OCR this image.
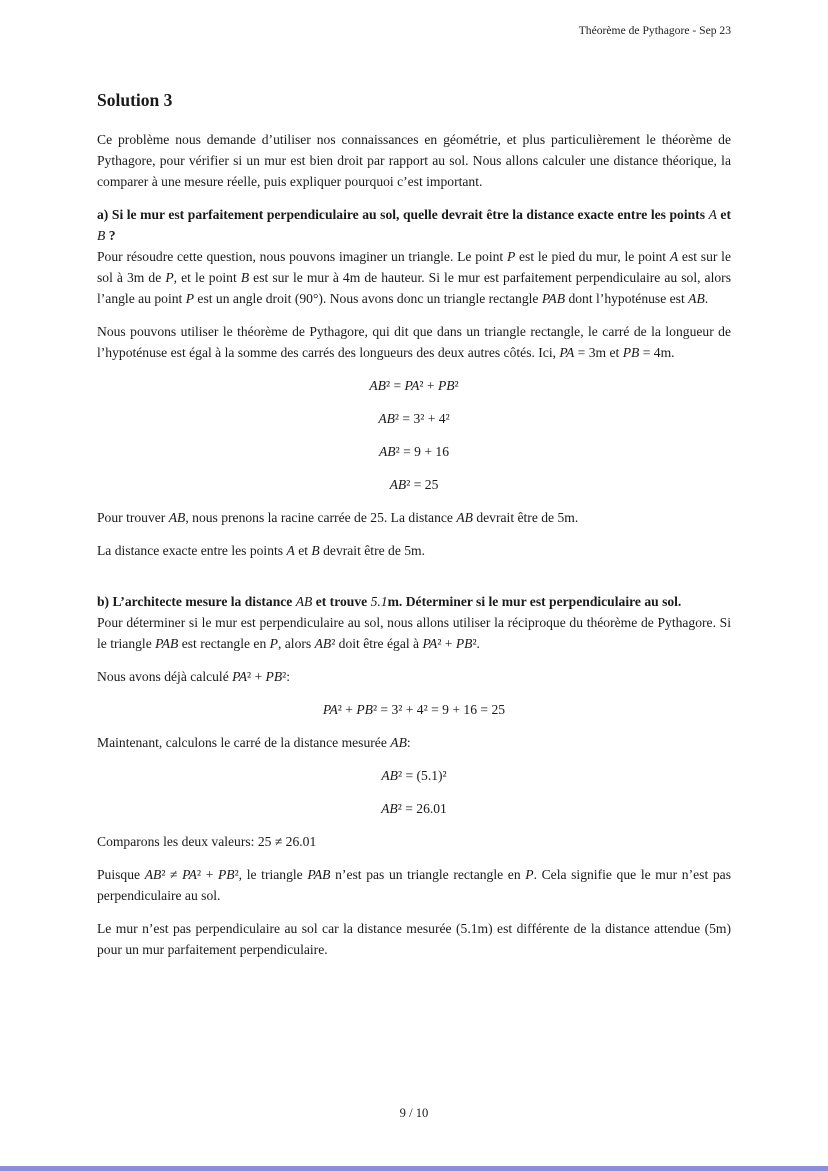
Théorème de Pythagore - Sep 23
Solution 3

Ce problème nous demande d’utiliser nos connaissances en géométrie, et plus particulièrement le théorème de Pythagore, pour vérifier si un mur est bien droit par rapport au sol. Nous allons calculer une distance théorique, la comparer à une mesure réelle, puis expliquer pourquoi c’est important.

a) Si le mur est parfaitement perpendiculaire au sol, quelle devrait être la distance exacte entre les points A et B ?

Pour résoudre cette question, nous pouvons imaginer un triangle. Le point P est le pied du mur, le point A est sur le sol à 3m de P, et le point B est sur le mur à 4m de hauteur. Si le mur est parfaitement perpendiculaire au sol, alors l’angle au point P est un angle droit (90°). Nous avons donc un triangle rectangle PAB dont l’hypoténuse est AB.

Nous pouvons utiliser le théorème de Pythagore, qui dit que dans un triangle rectangle, le carré de la longueur de l’hypoténuse est égal à la somme des carrés des longueurs des deux autres côtés. Ici, PA = 3m et PB = 4m.

AB² = PA² + PB²
AB² = 3² + 4²
AB² = 9 + 16
AB² = 25

Pour trouver AB, nous prenons la racine carrée de 25. La distance AB devrait être de 5m.

La distance exacte entre les points A et B devrait être de 5m.

b) L’architecte mesure la distance AB et trouve 5.1m. Déterminer si le mur est perpendiculaire au sol.

Pour déterminer si le mur est perpendiculaire au sol, nous allons utiliser la réciproque du théorème de Pythagore. Si le triangle PAB est rectangle en P, alors AB² doit être égal à PA² + PB².

Nous avons déjà calculé PA² + PB²:

PA² + PB² = 3² + 4² = 9 + 16 = 25

Maintenant, calculons le carré de la distance mesurée AB:

AB² = (5.1)²
AB² = 26.01

Comparons les deux valeurs: 25 ≠ 26.01

Puisque AB² ≠ PA² + PB², le triangle PAB n’est pas un triangle rectangle en P. Cela signifie que le mur n’est pas perpendiculaire au sol.

Le mur n’est pas perpendiculaire au sol car la distance mesurée (5.1m) est différente de la distance attendue (5m) pour un mur parfaitement perpendiculaire.

9 / 10
